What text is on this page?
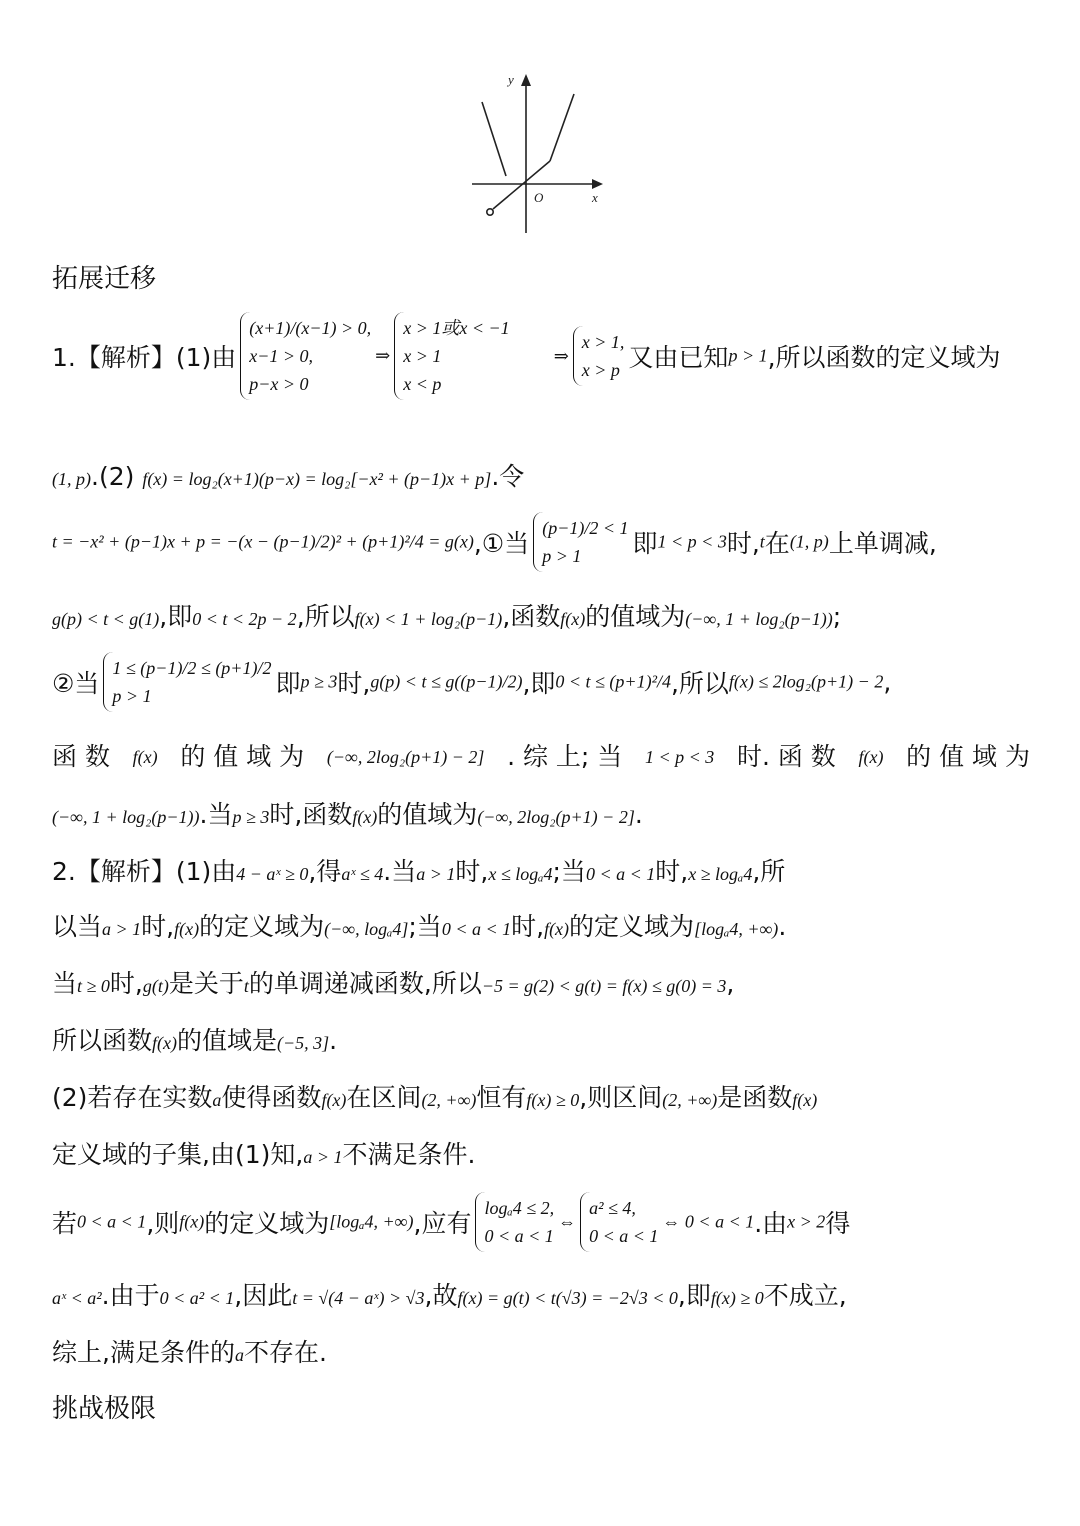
y
O	x
拓展迁移
1.【解析】(1)由
(x+1)/(x−1) > 0,
x−1 > 0,
p−x > 0
⇒
x > 1或x < −1
x > 1
x < p
⇒
x > 1,
x > p 又由已知p > 1,所以函数的定义域为
(1, p).(2) f(x) = log₂(x+1)(p−x) = log₂[−x² + (p−1)x + p].令
t = −x² + (p−1)x + p = −(x − (p−1)/2)² + (p+1)²/4 = g(x),①当
(p−1)/2 < 1
p > 1	即1 < p < 3时,t在(1, p)上单调减,
g(p) < t < g(1),即0 < t < 2p − 2,所以f(x) < 1 + log₂(p−1),函数f(x)的值域为(−∞, 1 + log₂(p−1));
②当
1 ≤ (p−1)/2 ≤ (p+1)/2
p > 1	即p ≥ 3时,g(p) < t ≤ g((p−1)/2),即0 < t ≤ (p+1)²/4,所以f(x) ≤ 2log₂(p+1) − 2,
函 数 f(x) 的 值 域 为 (−∞, 2log₂(p+1) − 2] . 综 上; 当 1 < p < 3 时. 函 数 f(x) 的 值 域 为
(−∞, 1 + log₂(p−1)).当p ≥ 3时,函数f(x)的值域为(−∞, 2log₂(p+1) − 2].
2.【解析】(1)由4 − aˣ ≥ 0,得aˣ ≤ 4.当a > 1时,x ≤ logₐ4;当0 < a < 1时,x ≥ logₐ4,所
以当a > 1时,f(x)的定义域为(−∞, logₐ4];当0 < a < 1时,f(x)的定义域为[logₐ4, +∞).
当t ≥ 0时,g(t)是关于t的单调递减函数,所以−5 = g(2) < g(t) = f(x) ≤ g(0) = 3,
所以函数f(x)的值域是(−5, 3].
(2)若存在实数a使得函数f(x)在区间(2, +∞)恒有f(x) ≥ 0,则区间(2, +∞)是函数f(x)
定义域的子集,由(1)知,a > 1不满足条件.
若0 < a < 1,则f(x)的定义域为[logₐ4, +∞),应有
logₐ4 ≤ 2,
0 < a < 1
⇔
a² ≤ 4,
0 < a < 1
⇔ 0 < a < 1.由x > 2得
aˣ < a².由于0 < a² < 1,因此t = √(4 − aˣ) > √3,故f(x) = g(t) < t(√3) = −2√3 < 0,即f(x) ≥ 0不成立,
综上,满足条件的a不存在.
挑战极限
